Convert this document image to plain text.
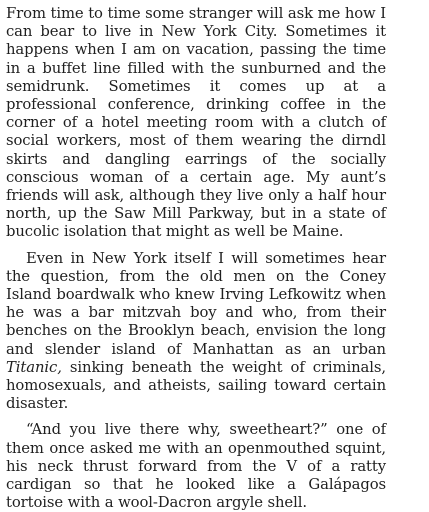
From time to time some stranger will ask me how I can bear to live in New York City. Sometimes it happens when I am on vacation, passing the time in a buffet line filled with the sunburned and the semidrunk. Sometimes it comes up at a professional conference, drinking coffee in the corner of a hotel meeting room with a clutch of social workers, most of them wearing the dirndl skirts and dangling earrings of the socially conscious woman of a certain age. My aunt’s friends will ask, although they live only a half hour north, up the Saw Mill Parkway, but in a state of bucolic isolation that might as well be Maine.

Even in New York itself I will sometimes hear the question, from the old men on the Coney Island boardwalk who knew Irving Lefkowitz when he was a bar mitzvah boy and who, from their benches on the Brooklyn beach, envision the long and slender island of Manhattan as an urban Titanic, sinking beneath the weight of criminals, homosexuals, and atheists, sailing toward certain disaster.

“And you live there why, sweetheart?” one of them once asked me with an openmouthed squint, his neck thrust forward from the V of a ratty cardigan so that he looked like a Galápagos tortoise with a wool-Dacron argyle shell.
